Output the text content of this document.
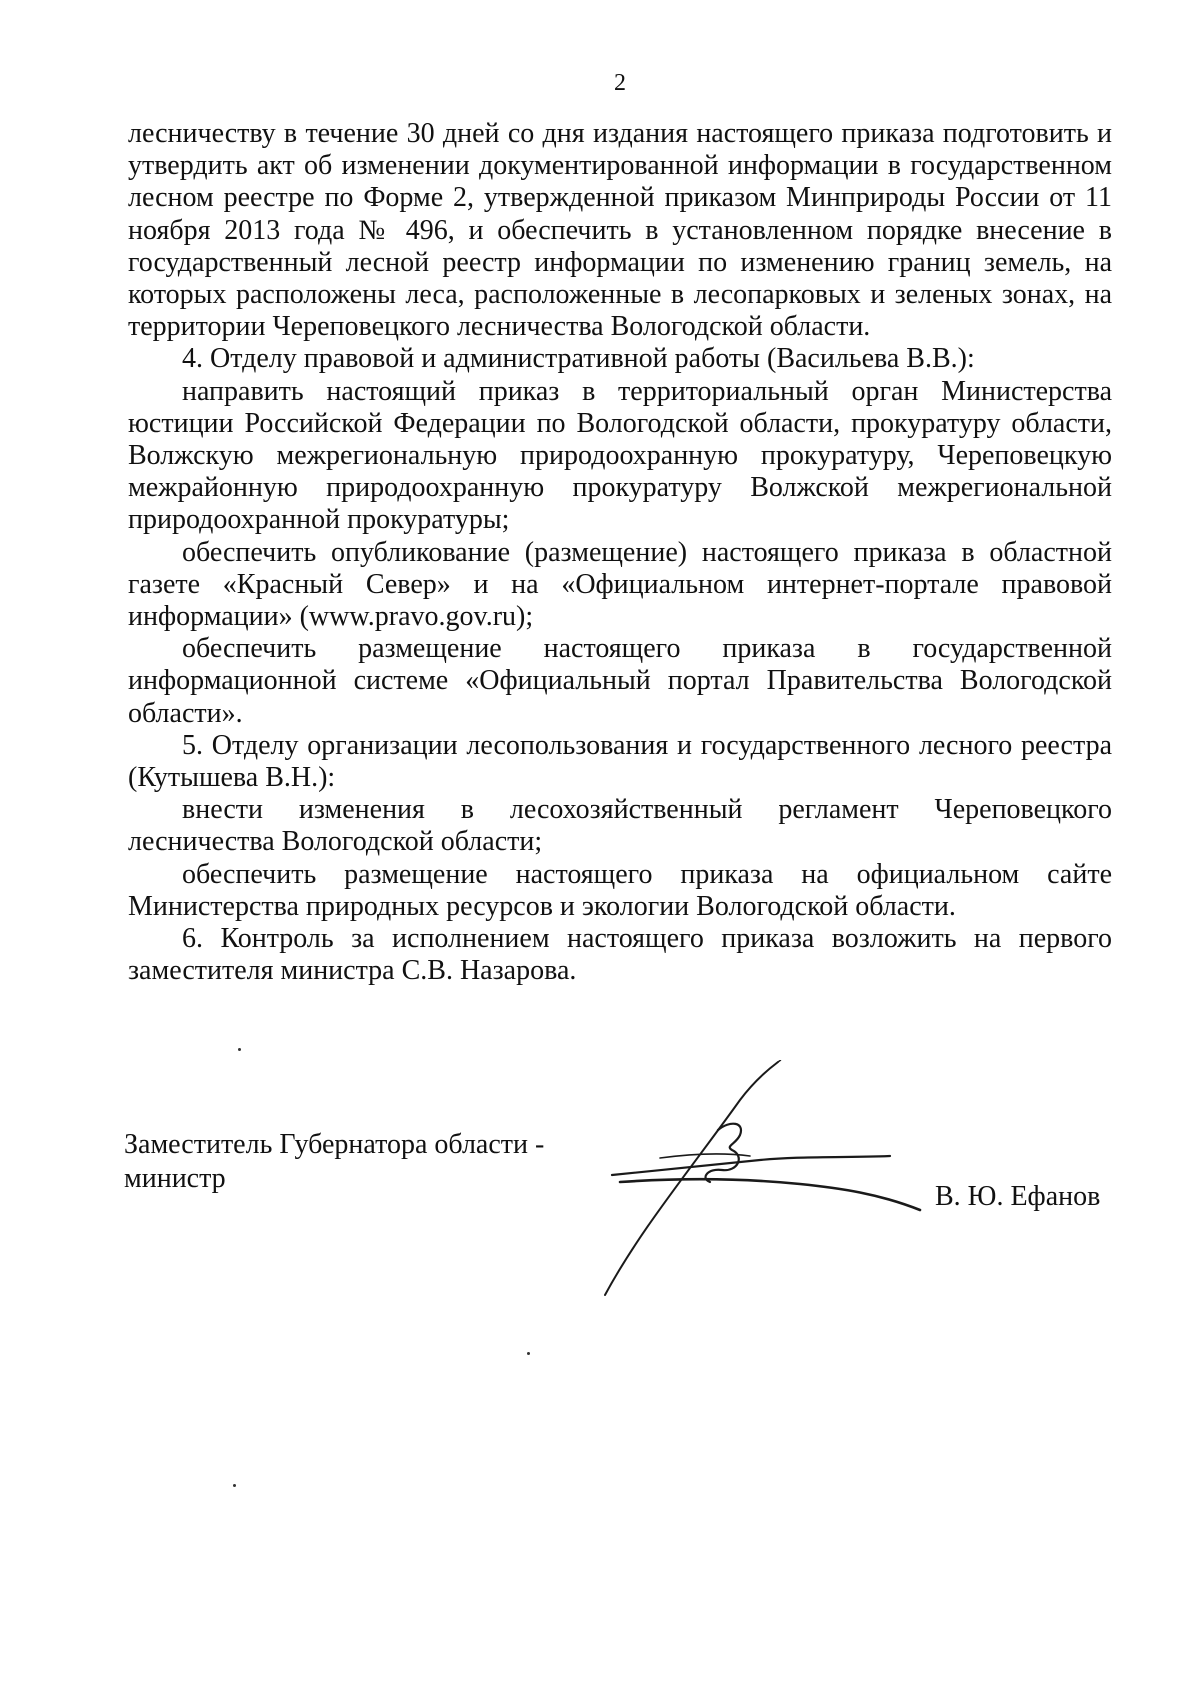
2

лесничеству в течение 30 дней со дня издания настоящего приказа подготовить и утвердить акт об изменении документированной информации в государственном лесном реестре по Форме 2, утвержденной приказом Минприроды России от 11 ноября 2013 года № 496, и обеспечить в установленном порядке внесение в государственный лесной реестр информации по изменению границ земель, на которых расположены леса, расположенные в лесопарковых и зеленых зонах, на территории Череповецкого лесничества Вологодской области.

4. Отделу правовой и административной работы (Васильева В.В.):

направить настоящий приказ в территориальный орган Министерства юстиции Российской Федерации по Вологодской области, прокуратуру области, Волжскую межрегиональную природоохранную прокуратуру, Череповецкую межрайонную природоохранную прокуратуру Волжской межрегиональной природоохранной прокуратуры;

обеспечить опубликование (размещение) настоящего приказа в областной газете «Красный Север» и на «Официальном интернет-портале правовой информации» (www.pravo.gov.ru);

обеспечить размещение настоящего приказа в государственной информационной системе «Официальный портал Правительства Вологодской области».

5. Отделу организации лесопользования и государственного лесного реестра (Кутышева В.Н.):

внести изменения в лесохозяйственный регламент Череповецкого лесничества Вологодской области;

обеспечить размещение настоящего приказа на официальном сайте Министерства природных ресурсов и экологии Вологодской области.

6. Контроль за исполнением настоящего приказа возложить на первого заместителя министра С.В. Назарова.

Заместитель Губернатора области -
министр
В. Ю. Ефанов
